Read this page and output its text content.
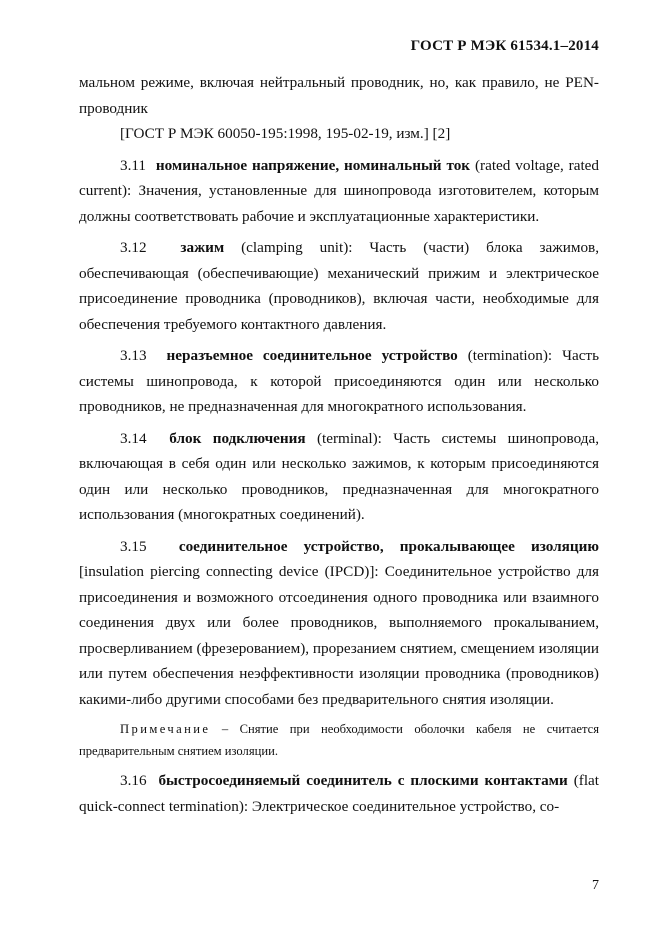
ГОСТ Р МЭК 61534.1–2014

мальном режиме, включая нейтральный проводник, но, как правило, не PEN-проводник

[ГОСТ Р МЭК 60050-195:1998, 195-02-19, изм.] [2]

3.11 номинальное напряжение, номинальный ток (rated voltage, rated current): Значения, установленные для шинопровода изготовителем, которым должны соответствовать рабочие и эксплуатационные характеристики.

3.12 зажим (clamping unit): Часть (части) блока зажимов, обеспечивающая (обеспечивающие) механический прижим и электрическое присоединение проводника (проводников), включая части, необходимые для обеспечения требуемого контактного давления.

3.13 неразъемное соединительное устройство (termination): Часть системы шинопровода, к которой присоединяются один или несколько проводников, не предназначенная для многократного использования.

3.14 блок подключения (terminal): Часть системы шинопровода, включающая в себя один или несколько зажимов, к которым присоединяются один или несколько проводников, предназначенная для многократного использования (многократных соединений).

3.15 соединительное устройство, прокалывающее изоляцию [insulation piercing connecting device (IPCD)]: Соединительное устройство для присоединения и возможного отсоединения одного проводника или взаимного соединения двух или более проводников, выполняемого прокалыванием, просверливанием (фрезерованием), прорезанием снятием, смещением изоляции или путем обеспечения неэффективности изоляции проводника (проводников) какими-либо другими способами без предварительного снятия изоляции.

Примечание – Снятие при необходимости оболочки кабеля не считается предварительным снятием изоляции.

3.16 быстросоединяемый соединитель с плоскими контактами (flat quick-connect termination): Электрическое соединительное устройство, со-

7
